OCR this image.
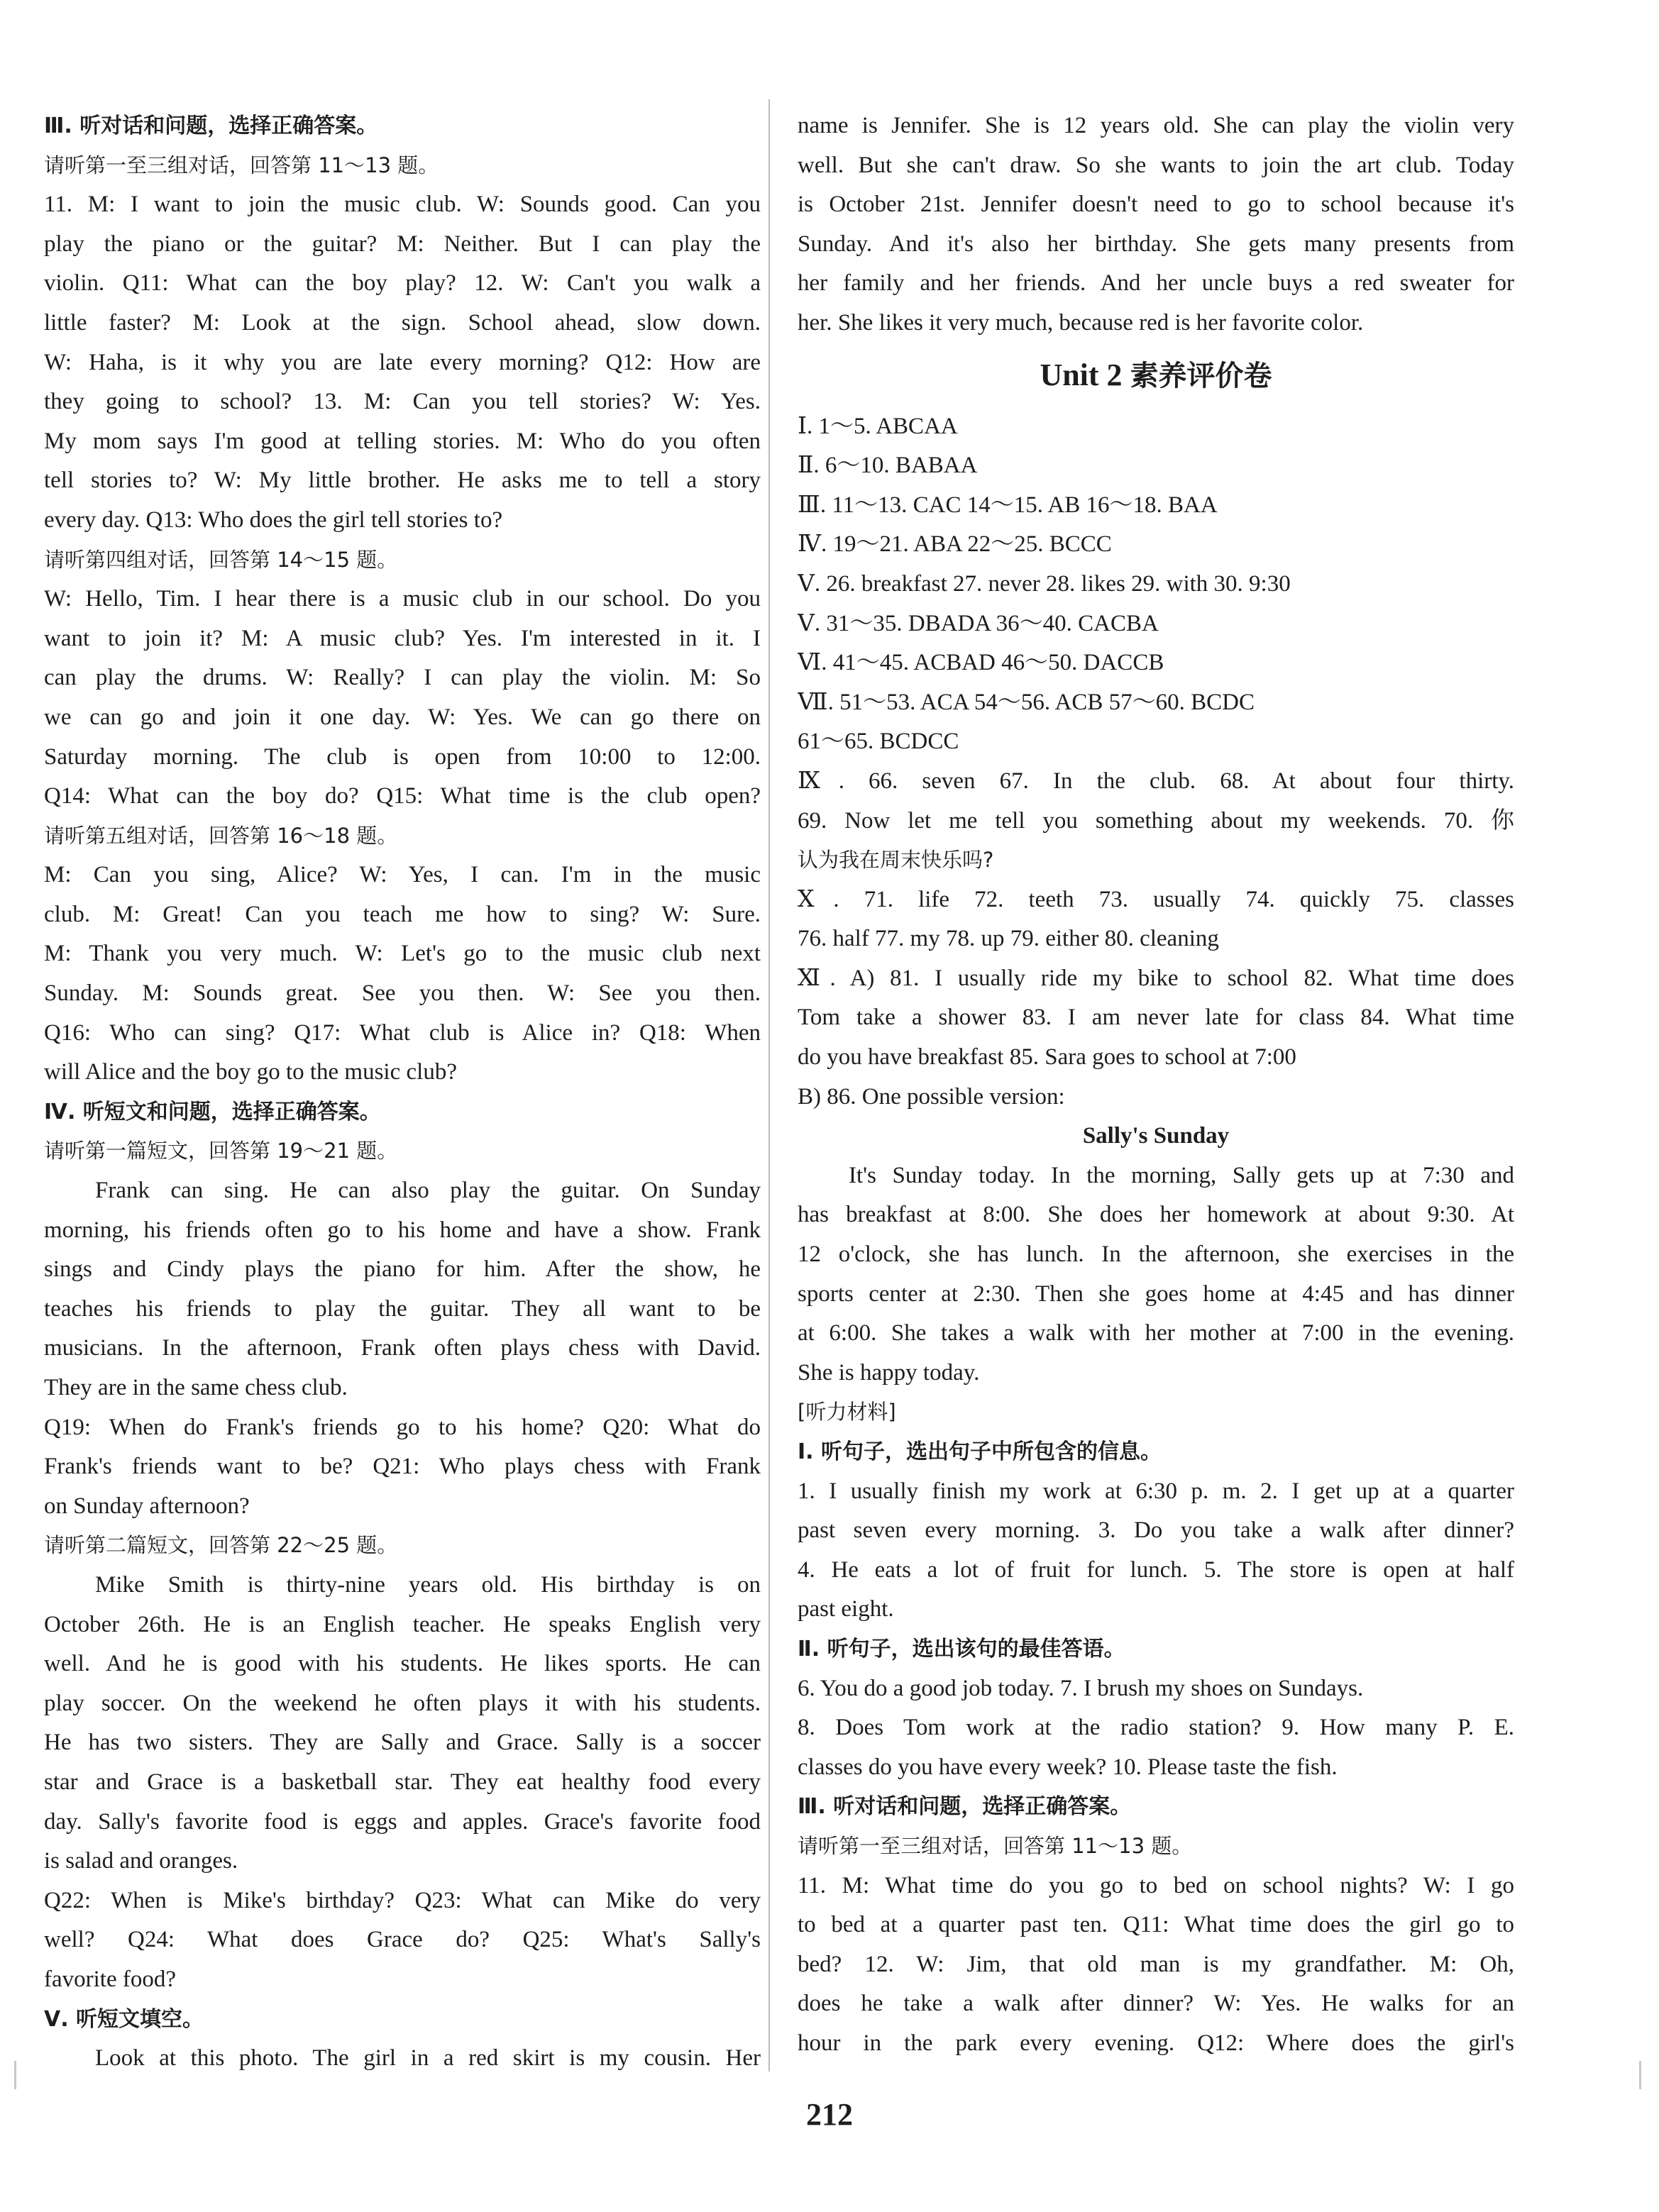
Ⅲ. 听对话和问题，选择正确答案。
请听第一至三组对话，回答第 11～13 题。
11. M: I want to join the music club. W: Sounds good. Can you
play the piano or the guitar? M: Neither. But I can play the
violin. Q11: What can the boy play? 12. W: Can't you walk a
little faster? M: Look at the sign. School ahead, slow down.
W: Haha, is it why you are late every morning? Q12: How are
they going to school? 13. M: Can you tell stories? W: Yes.
My mom says I'm good at telling stories. M: Who do you often
tell stories to? W: My little brother. He asks me to tell a story
every day. Q13: Who does the girl tell stories to?
请听第四组对话，回答第 14～15 题。
W: Hello, Tim. I hear there is a music club in our school. Do you
want to join it? M: A music club? Yes. I'm interested in it. I
can play the drums. W: Really? I can play the violin. M: So
we can go and join it one day. W: Yes. We can go there on
Saturday morning. The club is open from 10:00 to 12:00.
Q14: What can the boy do? Q15: What time is the club open?
请听第五组对话，回答第 16～18 题。
M: Can you sing, Alice? W: Yes, I can. I'm in the music
club. M: Great! Can you teach me how to sing? W: Sure.
M: Thank you very much. W: Let's go to the music club next
Sunday. M: Sounds great. See you then. W: See you then.
Q16: Who can sing? Q17: What club is Alice in? Q18: When
will Alice and the boy go to the music club?
Ⅳ. 听短文和问题，选择正确答案。
请听第一篇短文，回答第 19～21 题。
Frank can sing. He can also play the guitar. On Sunday
morning, his friends often go to his home and have a show. Frank
sings and Cindy plays the piano for him. After the show, he
teaches his friends to play the guitar. They all want to be
musicians. In the afternoon, Frank often plays chess with David.
They are in the same chess club.
Q19: When do Frank's friends go to his home? Q20: What do
Frank's friends want to be? Q21: Who plays chess with Frank
on Sunday afternoon?
请听第二篇短文，回答第 22～25 题。
Mike Smith is thirty-nine years old. His birthday is on
October 26th. He is an English teacher. He speaks English very
well. And he is good with his students. He likes sports. He can
play soccer. On the weekend he often plays it with his students.
He has two sisters. They are Sally and Grace. Sally is a soccer
star and Grace is a basketball star. They eat healthy food every
day. Sally's favorite food is eggs and apples. Grace's favorite food
is salad and oranges.
Q22: When is Mike's birthday? Q23: What can Mike do very
well? Q24: What does Grace do? Q25: What's Sally's
favorite food?
Ⅴ. 听短文填空。
Look at this photo. The girl in a red skirt is my cousin. Her
name is Jennifer. She is 12 years old. She can play the violin very
well. But she can't draw. So she wants to join the art club. Today
is October 21st. Jennifer doesn't need to go to school because it's
Sunday. And it's also her birthday. She gets many presents from
her family and her friends. And her uncle buys a red sweater for
her. She likes it very much, because red is her favorite color.
Unit 2 素养评价卷
Ⅰ. 1～5. ABCAA
Ⅱ. 6～10. BABAA
Ⅲ. 11～13. CAC 14～15. AB 16～18. BAA
Ⅳ. 19～21. ABA 22～25. BCCC
Ⅴ. 26. breakfast 27. never 28. likes 29. with 30. 9:30
Ⅴ. 31～35. DBADA 36～40. CACBA
Ⅵ. 41～45. ACBAD 46～50. DACCB
Ⅶ. 51～53. ACA 54～56. ACB 57～60. BCDC
61～65. BCDCC
Ⅸ. 66. seven 67. In the club. 68. At about four thirty.
69. Now let me tell you something about my weekends. 70. 你
认为我在周末快乐吗?
Ⅹ. 71. life 72. teeth 73. usually 74. quickly 75. classes
76. half 77. my 78. up 79. either 80. cleaning
Ⅺ. A) 81. I usually ride my bike to school 82. What time does
Tom take a shower 83. I am never late for class 84. What time
do you have breakfast 85. Sara goes to school at 7:00
B) 86. One possible version:
Sally's Sunday
It's Sunday today. In the morning, Sally gets up at 7:30 and
has breakfast at 8:00. She does her homework at about 9:30. At
12 o'clock, she has lunch. In the afternoon, she exercises in the
sports center at 2:30. Then she goes home at 4:45 and has dinner
at 6:00. She takes a walk with her mother at 7:00 in the evening.
She is happy today.
[听力材料]
Ⅰ. 听句子，选出句子中所包含的信息。
1. I usually finish my work at 6:30 p. m. 2. I get up at a quarter
past seven every morning. 3. Do you take a walk after dinner?
4. He eats a lot of fruit for lunch. 5. The store is open at half
past eight.
Ⅱ. 听句子，选出该句的最佳答语。
6. You do a good job today. 7. I brush my shoes on Sundays.
8. Does Tom work at the radio station? 9. How many P. E.
classes do you have every week? 10. Please taste the fish.
Ⅲ. 听对话和问题，选择正确答案。
请听第一至三组对话，回答第 11～13 题。
11. M: What time do you go to bed on school nights? W: I go
to bed at a quarter past ten. Q11: What time does the girl go to
bed? 12. W: Jim, that old man is my grandfather. M: Oh,
does he take a walk after dinner? W: Yes. He walks for an
hour in the park every evening. Q12: Where does the girl's
212
